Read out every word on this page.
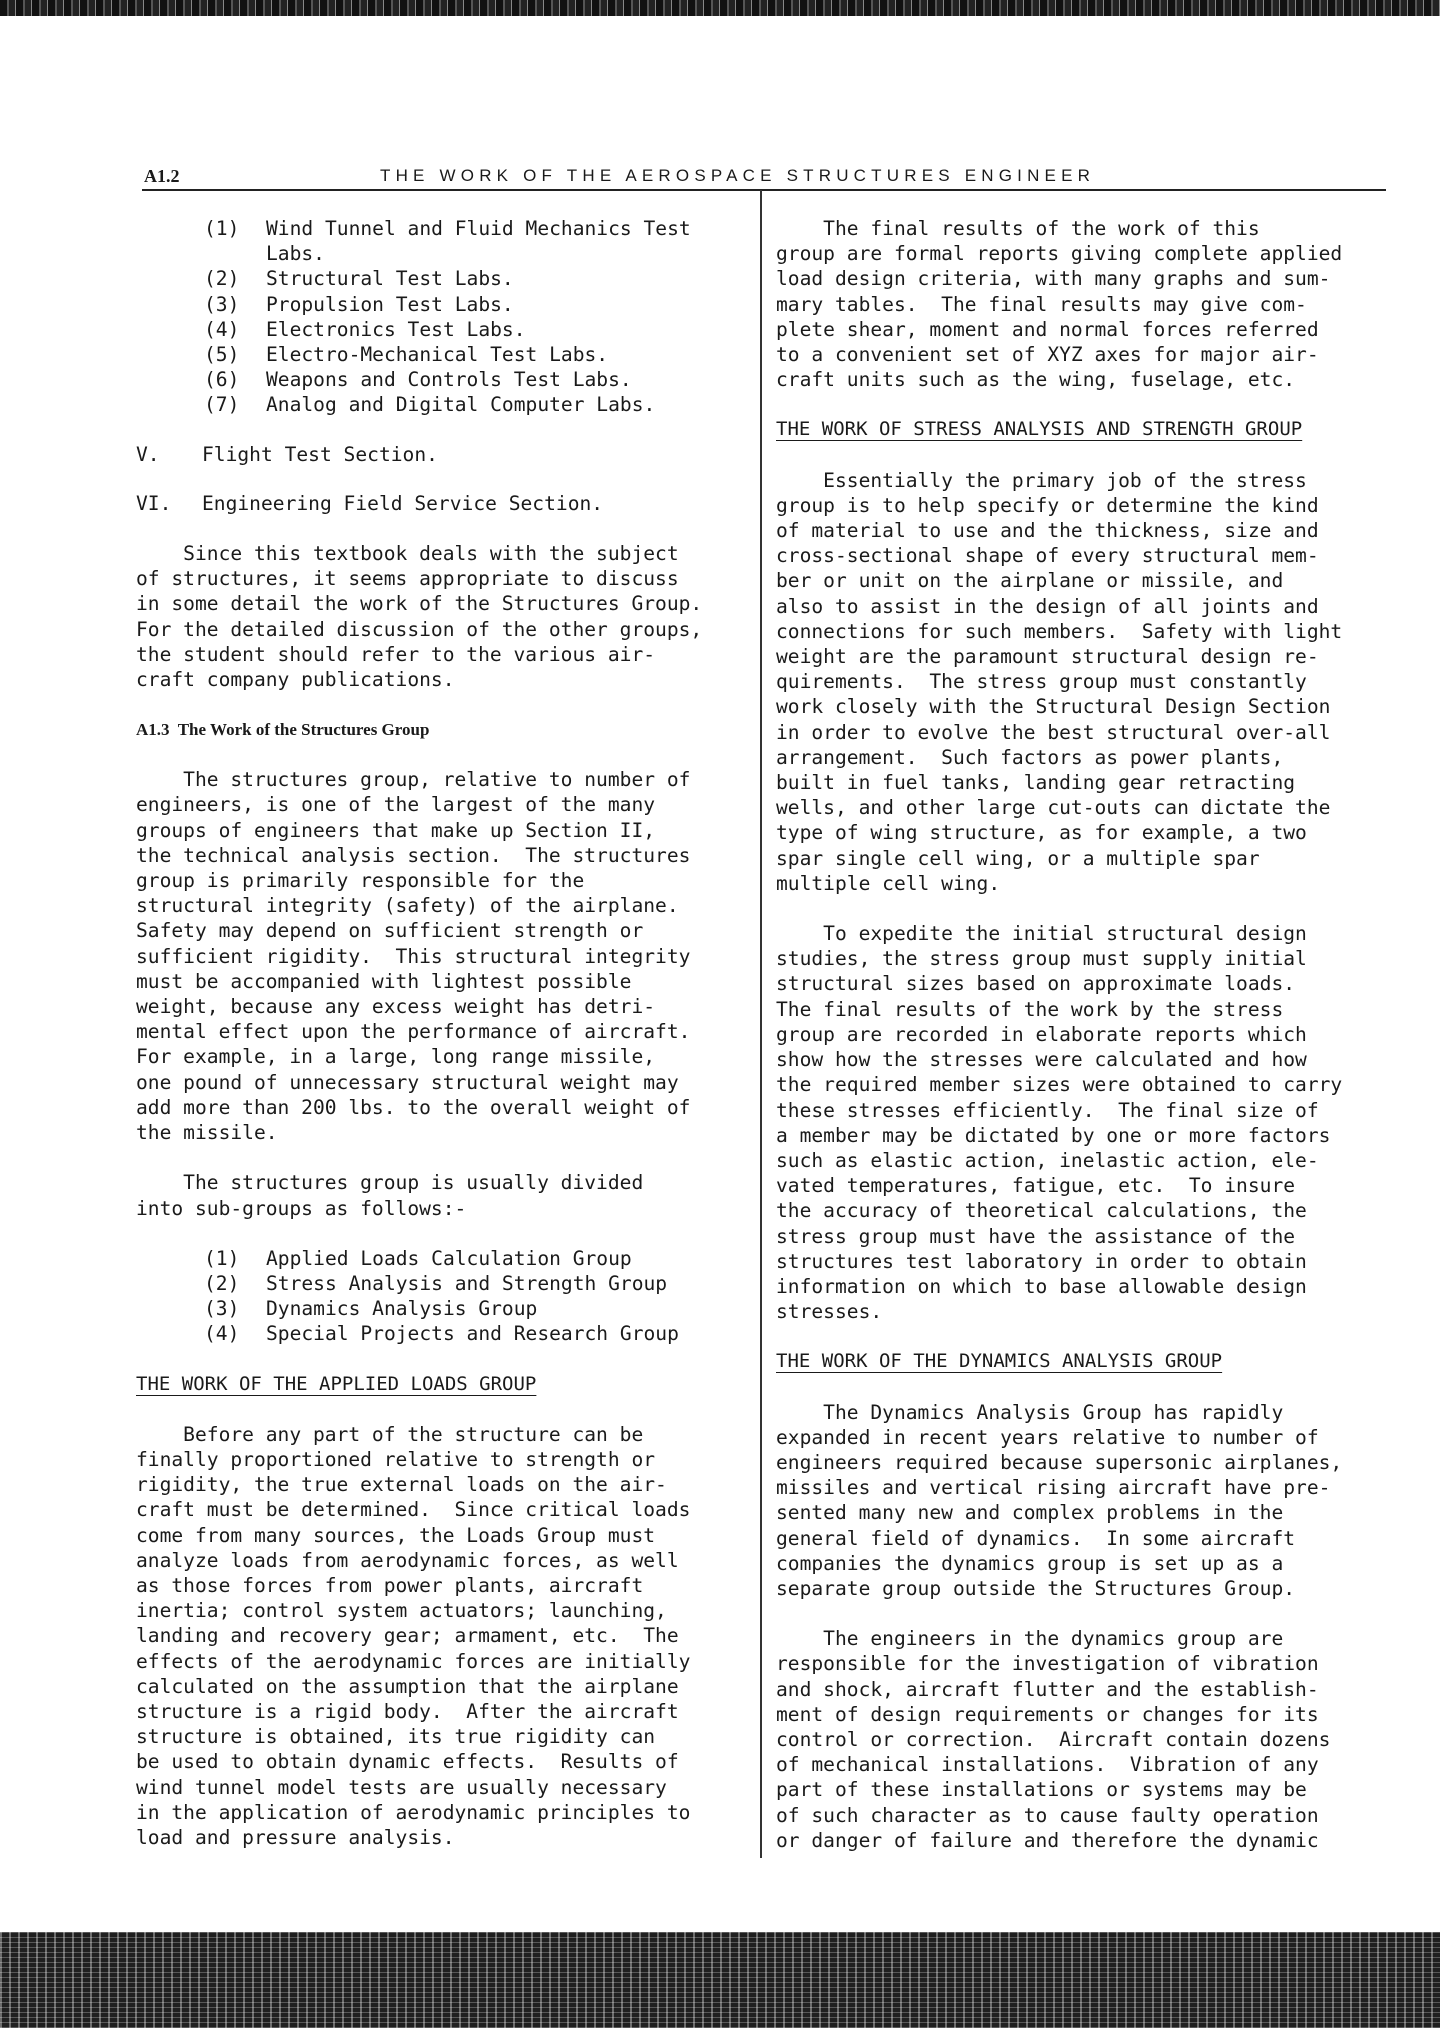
A1.2	THE WORK OF THE AEROSPACE STRUCTURES ENGINEER
(1)	Wind Tunnel and Fluid Mechanics Test
Labs.
(2)	Structural Test Labs.
(3)	Propulsion Test Labs.
(4)	Electronics Test Labs.
(5)	Electro-Mechanical Test Labs.
(6)	Weapons and Controls Test Labs.
(7)	Analog and Digital Computer Labs.
V.	Flight Test Section.
VI.	Engineering Field Service Section.

Since this textbook deals with the subject
of structures, it seems appropriate to discuss
in some detail the work of the Structures Group.
For the detailed discussion of the other groups,
the student should refer to the various air-
craft company publications.

A1.3  The Work of the Structures Group

The structures group, relative to number of
engineers, is one of the largest of the many
groups of engineers that make up Section II,
the technical analysis section.  The structures
group is primarily responsible for the
structural integrity (safety) of the airplane.
Safety may depend on sufficient strength or
sufficient rigidity.  This structural integrity
must be accompanied with lightest possible
weight, because any excess weight has detri-
mental effect upon the performance of aircraft.
For example, in a large, long range missile,
one pound of unnecessary structural weight may
add more than 200 lbs. to the overall weight of
the missile.

The structures group is usually divided
into sub-groups as follows:-

(1)	Applied Loads Calculation Group
(2)	Stress Analysis and Strength Group
(3)	Dynamics Analysis Group
(4)	Special Projects and Research Group

THE WORK OF THE APPLIED LOADS GROUP

Before any part of the structure can be
finally proportioned relative to strength or
rigidity, the true external loads on the air-
craft must be determined.  Since critical loads
come from many sources, the Loads Group must
analyze loads from aerodynamic forces, as well
as those forces from power plants, aircraft
inertia; control system actuators; launching,
landing and recovery gear; armament, etc.  The
effects of the aerodynamic forces are initially
calculated on the assumption that the airplane
structure is a rigid body.  After the aircraft
structure is obtained, its true rigidity can
be used to obtain dynamic effects.  Results of
wind tunnel model tests are usually necessary
in the application of aerodynamic principles to
load and pressure analysis.

The final results of the work of this
group are formal reports giving complete applied
load design criteria, with many graphs and sum-
mary tables.  The final results may give com-
plete shear, moment and normal forces referred
to a convenient set of XYZ axes for major air-
craft units such as the wing, fuselage, etc.

THE WORK OF STRESS ANALYSIS AND STRENGTH GROUP

Essentially the primary job of the stress
group is to help specify or determine the kind
of material to use and the thickness, size and
cross-sectional shape of every structural mem-
ber or unit on the airplane or missile, and
also to assist in the design of all joints and
connections for such members.  Safety with light
weight are the paramount structural design re-
quirements.  The stress group must constantly
work closely with the Structural Design Section
in order to evolve the best structural over-all
arrangement.  Such factors as power plants,
built in fuel tanks, landing gear retracting
wells, and other large cut-outs can dictate the
type of wing structure, as for example, a two
spar single cell wing, or a multiple spar
multiple cell wing.

To expedite the initial structural design
studies, the stress group must supply initial
structural sizes based on approximate loads.
The final results of the work by the stress
group are recorded in elaborate reports which
show how the stresses were calculated and how
the required member sizes were obtained to carry
these stresses efficiently.  The final size of
a member may be dictated by one or more factors
such as elastic action, inelastic action, ele-
vated temperatures, fatigue, etc.  To insure
the accuracy of theoretical calculations, the
stress group must have the assistance of the
structures test laboratory in order to obtain
information on which to base allowable design
stresses.

THE WORK OF THE DYNAMICS ANALYSIS GROUP

The Dynamics Analysis Group has rapidly
expanded in recent years relative to number of
engineers required because supersonic airplanes,
missiles and vertical rising aircraft have pre-
sented many new and complex problems in the
general field of dynamics.  In some aircraft
companies the dynamics group is set up as a
separate group outside the Structures Group.

The engineers in the dynamics group are
responsible for the investigation of vibration
and shock, aircraft flutter and the establish-
ment of design requirements or changes for its
control or correction.  Aircraft contain dozens
of mechanical installations.  Vibration of any
part of these installations or systems may be
of such character as to cause faulty operation
or danger of failure and therefore the dynamic
